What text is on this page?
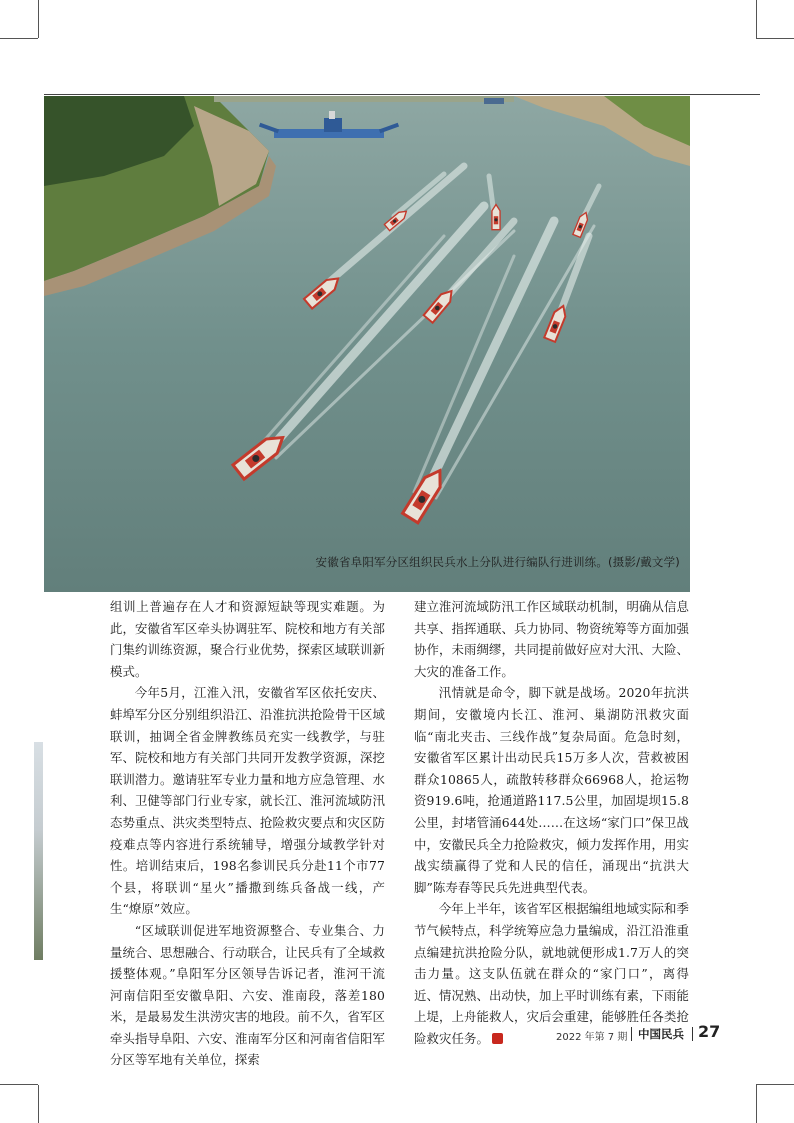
安徽省阜阳军分区组织民兵水上分队进行编队行进训练。(摄影/戴文学)

组训上普遍存在人才和资源短缺等现实难题。为此，安徽省军区牵头协调驻军、院校和地方有关部门集约训练资源，聚合行业优势，探索区域联训新模式。

今年5月，江淮入汛，安徽省军区依托安庆、蚌埠军分区分别组织沿江、沿淮抗洪抢险骨干区域联训，抽调全省金牌教练员充实一线教学，与驻军、院校和地方有关部门共同开发教学资源，深挖联训潜力。邀请驻军专业力量和地方应急管理、水利、卫健等部门行业专家，就长江、淮河流域防汛态势重点、洪灾类型特点、抢险救灾要点和灾区防疫难点等内容进行系统辅导，增强分域教学针对性。培训结束后，198名参训民兵分赴11个市77个县，将联训“星火”播撒到练兵备战一线，产生“燎原”效应。

“区域联训促进军地资源整合、专业集合、力量统合、思想融合、行动联合，让民兵有了全域救援整体观。”阜阳军分区领导告诉记者，淮河干流河南信阳至安徽阜阳、六安、淮南段，落差180米，是最易发生洪涝灾害的地段。前不久，省军区牵头指导阜阳、六安、淮南军分区和河南省信阳军分区等军地有关单位，探索

建立淮河流域防汛工作区域联动机制，明确从信息共享、指挥通联、兵力协同、物资统筹等方面加强协作，未雨绸缪，共同提前做好应对大汛、大险、大灾的准备工作。

汛情就是命令，脚下就是战场。2020年抗洪期间，安徽境内长江、淮河、巢湖防汛救灾面临“南北夹击、三线作战”复杂局面。危急时刻，安徽省军区累计出动民兵15万多人次，营救被困群众10865人，疏散转移群众66968人，抢运物资919.6吨，抢通道路117.5公里，加固堤坝15.8公里，封堵管涌644处……在这场“家门口”保卫战中，安徽民兵全力抢险救灾，倾力发挥作用，用实战实绩赢得了党和人民的信任，涌现出“抗洪大脚”陈寿春等民兵先进典型代表。

今年上半年，该省军区根据编组地域实际和季节气候特点，科学统筹应急力量编成，沿江沿淮重点编建抗洪抢险分队，就地就便形成1.7万人的突击力量。这支队伍就在群众的“家门口”，离得近、情况熟、出动快，加上平时训练有素，下雨能上堤，上舟能救人，灾后会重建，能够胜任各类抢险救灾任务。	2022 年第 7 期 中国民兵 27
